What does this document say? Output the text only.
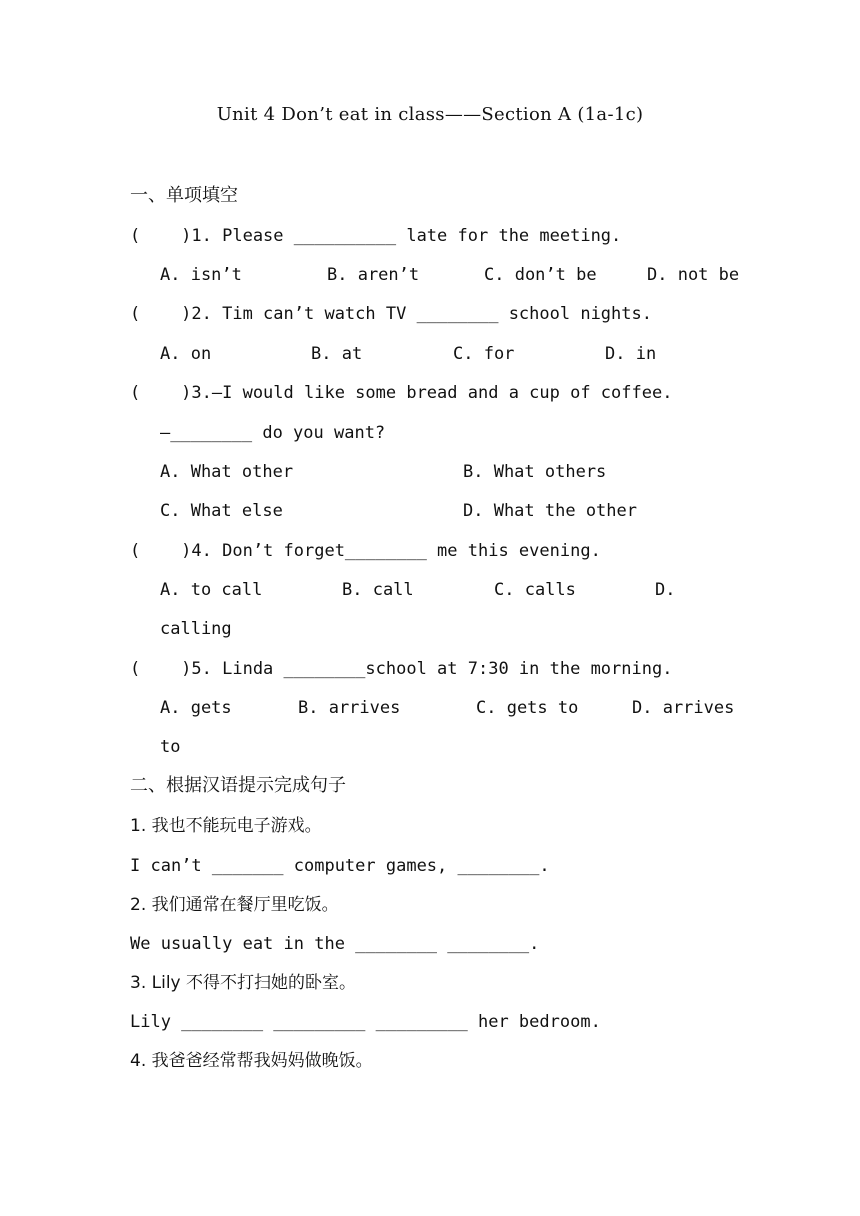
Unit 4 Don’t eat in class——Section A (1a-1c)
一、单项填空
(    )1. Please __________ late for the meeting.
A. isn’t	B. aren’t	C. don’t be	D. not be
(    )2. Tim can’t watch TV ________ school nights.
A. on	B. at	C. for	D. in
(    )3.—I would like some bread and a cup of coffee.
—________ do you want?
A. What other	B. What others
C. What else	D. What the other
(    )4. Don’t forget________ me this evening.
A. to call	B. call	C. calls	D.
calling
(    )5. Linda ________school at 7:30 in the morning.
A. gets	B. arrives	C. gets to	D. arrives
to
二、根据汉语提示完成句子
1. 我也不能玩电子游戏。
I can’t _______ computer games, ________.
2. 我们通常在餐厅里吃饭。
We usually eat in the ________ ________.
3. Lily 不得不打扫她的卧室。
Lily ________ _________ _________ her bedroom.
4. 我爸爸经常帮我妈妈做晚饭。
